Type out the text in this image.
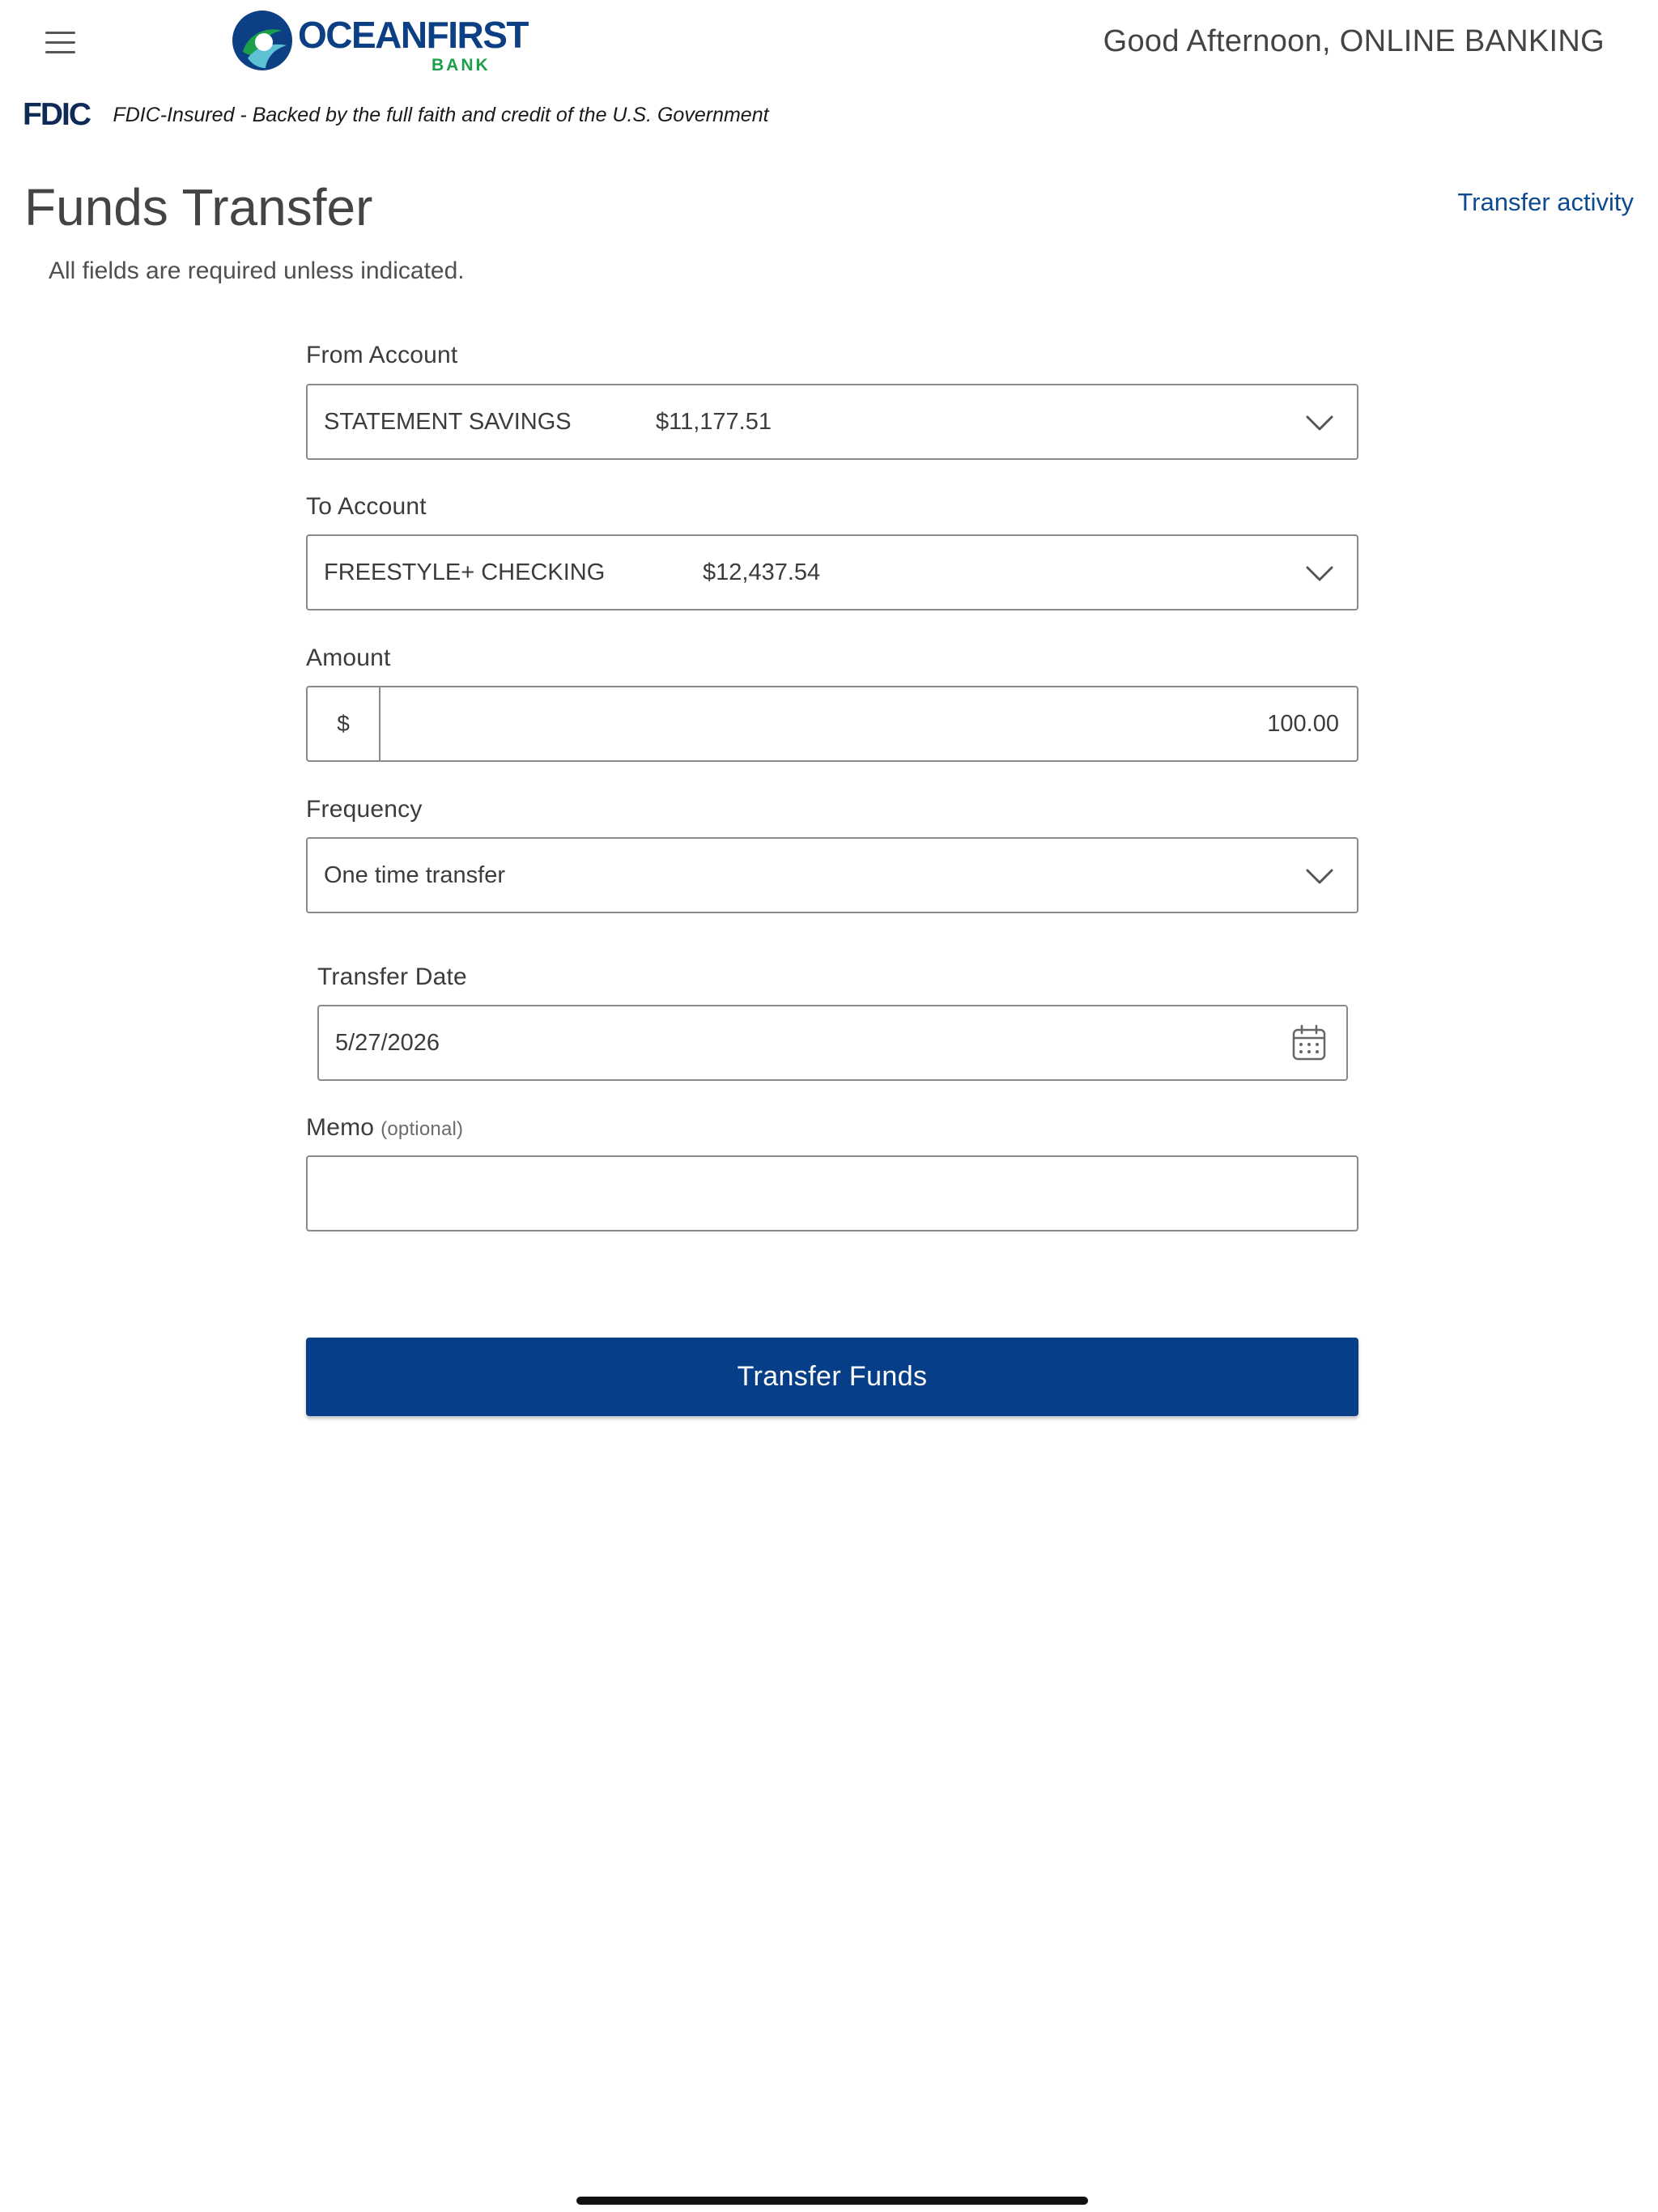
OCEANFIRST
BANK
Good Afternoon, ONLINE BANKING
FDIC FDIC-Insured - Backed by the full faith and credit of the U.S. Government
Funds Transfer	Transfer activity
All fields are required unless indicated.
From Account
STATEMENT SAVINGS	$11,177.51
To Account
FREESTYLE+ CHECKING	$12,437.54
Amount
$	100.00
Frequency
One time transfer
Transfer Date
5/27/2026
Memo (optional)
Transfer Funds
